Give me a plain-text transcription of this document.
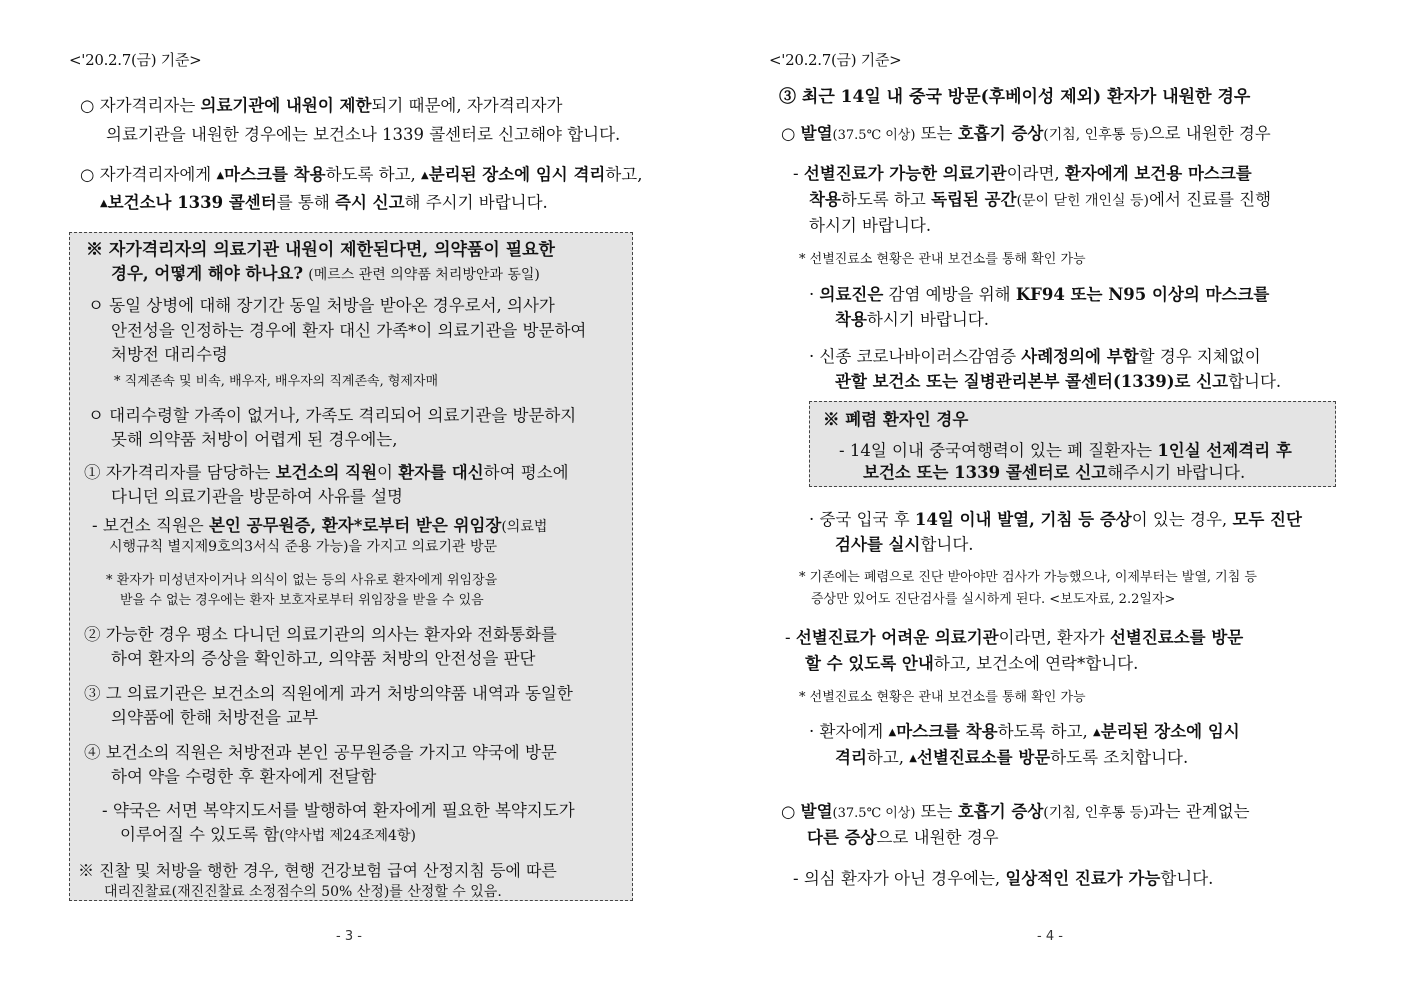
<'20.2.7(금) 기준>
○ 자가격리자는 의료기관에 내원이 제한되기 때문에, 자가격리자가
의료기관을 내원한 경우에는 보건소나 1339 콜센터로 신고해야 합니다.
○ 자가격리자에게 ▲마스크를 착용하도록 하고, ▲분리된 장소에 임시 격리하고,
▲보건소나 1339 콜센터를 통해 즉시 신고해 주시기 바랍니다.
※ 자가격리자의 의료기관 내원이 제한된다면, 의약품이 필요한
경우, 어떻게 해야 하나요? (메르스 관련 의약품 처리방안과 동일)
ㅇ 동일 상병에 대해 장기간 동일 처방을 받아온 경우로서, 의사가
안전성을 인정하는 경우에 환자 대신 가족*이 의료기관을 방문하여
처방전 대리수령
* 직계존속 및 비속, 배우자, 배우자의 직계존속, 형제자매
ㅇ 대리수령할 가족이 없거나, 가족도 격리되어 의료기관을 방문하지
못해 의약품 처방이 어렵게 된 경우에는,
① 자가격리자를 담당하는 보건소의 직원이 환자를 대신하여 평소에
다니던 의료기관을 방문하여 사유를 설명
- 보건소 직원은 본인 공무원증, 환자*로부터 받은 위임장(의료법
시행규칙 별지제9호의3서식 준용 가능)을 가지고 의료기관 방문
* 환자가 미성년자이거나 의식이 없는 등의 사유로 환자에게 위임장을
받을 수 없는 경우에는 환자 보호자로부터 위임장을 받을 수 있음
② 가능한 경우 평소 다니던 의료기관의 의사는 환자와 전화통화를
하여 환자의 증상을 확인하고, 의약품 처방의 안전성을 판단
③ 그 의료기관은 보건소의 직원에게 과거 처방의약품 내역과 동일한
의약품에 한해 처방전을 교부
④ 보건소의 직원은 처방전과 본인 공무원증을 가지고 약국에 방문
하여 약을 수령한 후 환자에게 전달함
- 약국은 서면 복약지도서를 발행하여 환자에게 필요한 복약지도가
이루어질 수 있도록 함(약사법 제24조제4항)
※ 진찰 및 처방을 행한 경우, 현행 건강보험 급여 산정지침 등에 따른
대리진찰료(재진진찰료 소정점수의 50% 산정)를 산정할 수 있음.
- 3 -
<'20.2.7(금) 기준>
③ 최근 14일 내 중국 방문(후베이성 제외) 환자가 내원한 경우
○ 발열(37.5℃ 이상) 또는 호흡기 증상(기침, 인후통 등)으로 내원한 경우
- 선별진료가 가능한 의료기관이라면, 환자에게 보건용 마스크를
착용하도록 하고 독립된 공간(문이 닫힌 개인실 등)에서 진료를 진행
하시기 바랍니다.
* 선별진료소 현황은 관내 보건소를 통해 확인 가능
· 의료진은 감염 예방을 위해 KF94 또는 N95 이상의 마스크를
착용하시기 바랍니다.
· 신종 코로나바이러스감염증 사례정의에 부합할 경우 지체없이
관할 보건소 또는 질병관리본부 콜센터(1339)로 신고합니다.
※ 폐렴 환자인 경우
- 14일 이내 중국여행력이 있는 폐 질환자는 1인실 선제격리 후
보건소 또는 1339 콜센터로 신고해주시기 바랍니다.
· 중국 입국 후 14일 이내 발열, 기침 등 증상이 있는 경우, 모두 진단
검사를 실시합니다.
* 기존에는 폐렴으로 진단 받아야만 검사가 가능했으나, 이제부터는 발열, 기침 등
증상만 있어도 진단검사를 실시하게 된다. <보도자료, 2.2일자>
- 선별진료가 어려운 의료기관이라면, 환자가 선별진료소를 방문
할 수 있도록 안내하고, 보건소에 연락*합니다.
* 선별진료소 현황은 관내 보건소를 통해 확인 가능
· 환자에게 ▲마스크를 착용하도록 하고, ▲분리된 장소에 임시
격리하고, ▲선별진료소를 방문하도록 조치합니다.
○ 발열(37.5℃ 이상) 또는 호흡기 증상(기침, 인후통 등)과는 관계없는
다른 증상으로 내원한 경우
- 의심 환자가 아닌 경우에는, 일상적인 진료가 가능합니다.
- 4 -
